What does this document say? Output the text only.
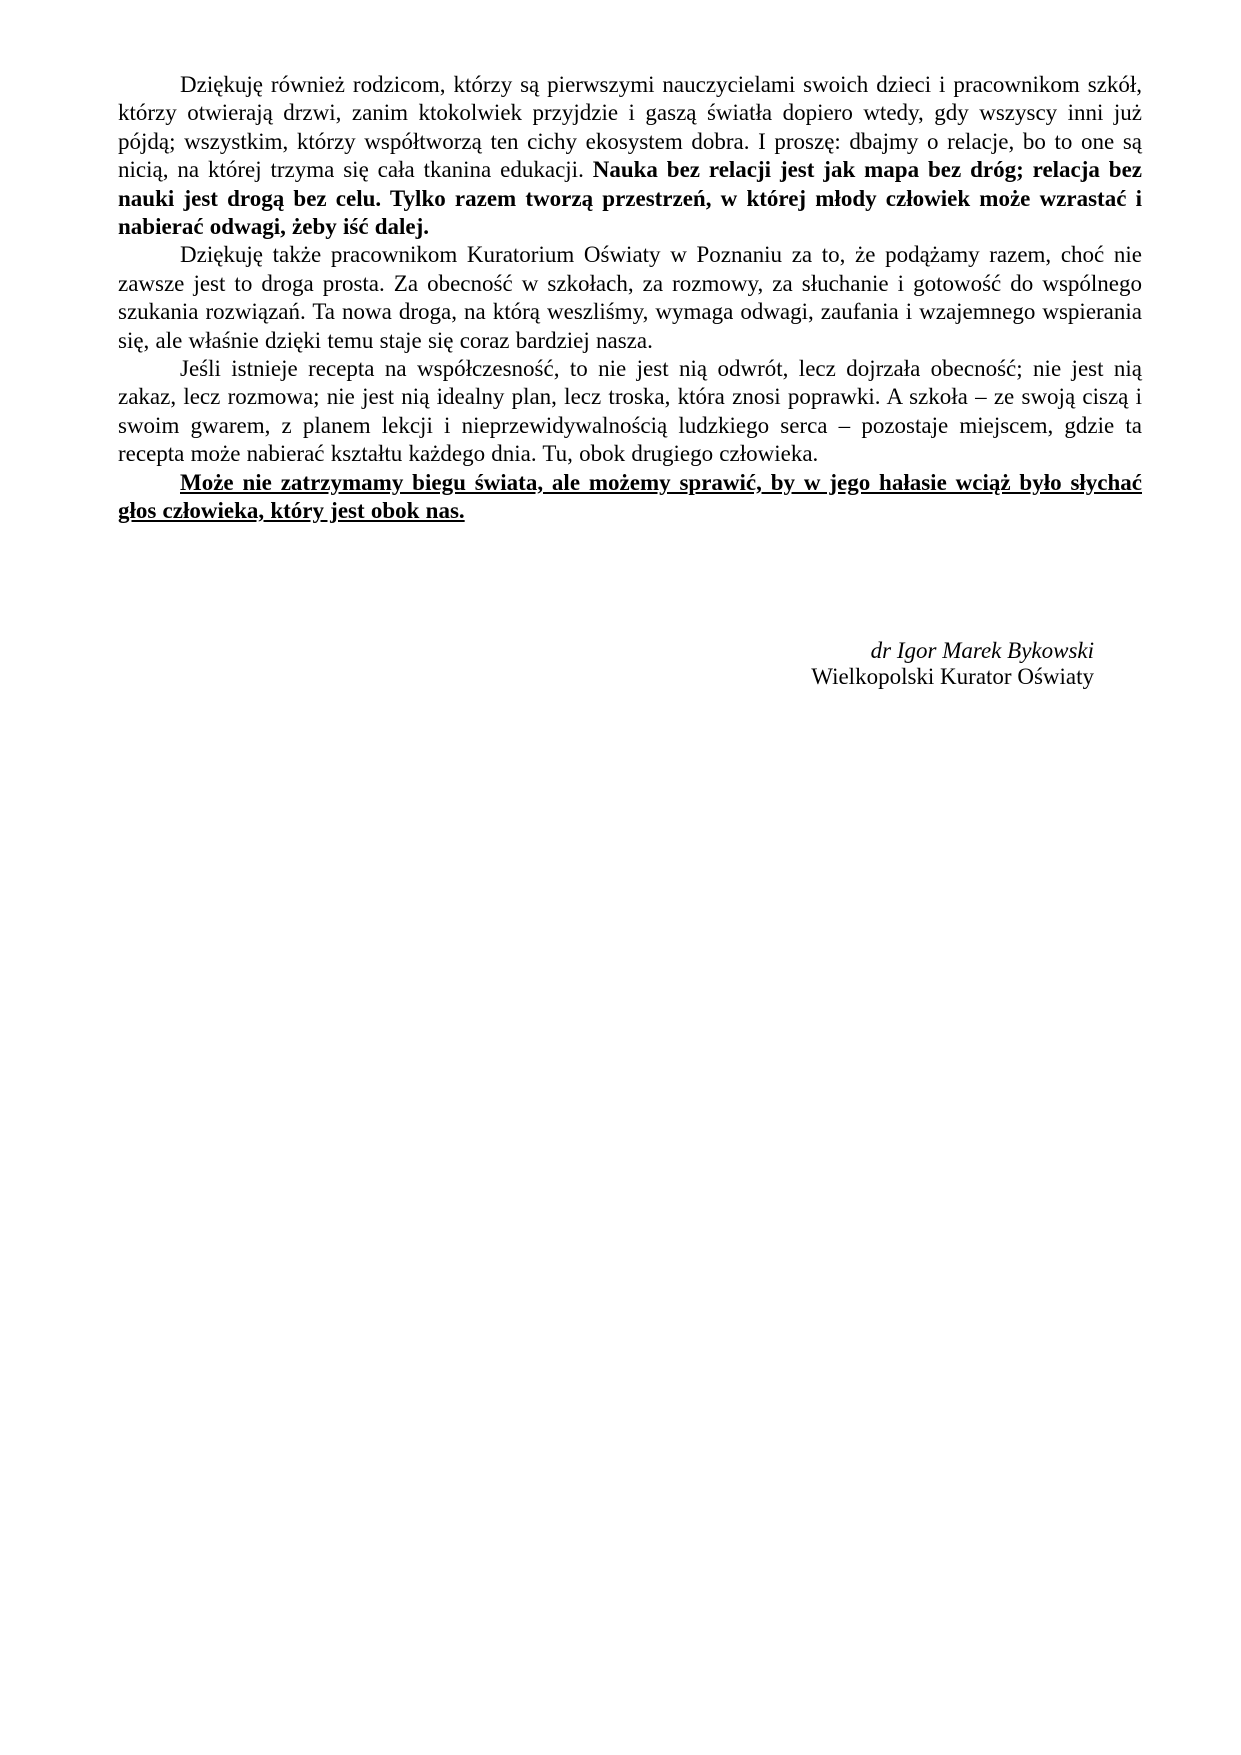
Dziękuję również rodzicom, którzy są pierwszymi nauczycielami swoich dzieci i pracownikom szkół, którzy otwierają drzwi, zanim ktokolwiek przyjdzie i gaszą światła dopiero wtedy, gdy wszyscy inni już pójdą; wszystkim, którzy współtworzą ten cichy ekosystem dobra. I proszę: dbajmy o relacje, bo to one są nicią, na której trzyma się cała tkanina edukacji. Nauka bez relacji jest jak mapa bez dróg; relacja bez nauki jest drogą bez celu. Tylko razem tworzą przestrzeń, w której młody człowiek może wzrastać i nabierać odwagi, żeby iść dalej.

Dziękuję także pracownikom Kuratorium Oświaty w Poznaniu za to, że podążamy razem, choć nie zawsze jest to droga prosta. Za obecność w szkołach, za rozmowy, za słuchanie i gotowość do wspólnego szukania rozwiązań. Ta nowa droga, na którą weszliśmy, wymaga odwagi, zaufania i wzajemnego wspierania się, ale właśnie dzięki temu staje się coraz bardziej nasza.

Jeśli istnieje recepta na współczesność, to nie jest nią odwrót, lecz dojrzała obecność; nie jest nią zakaz, lecz rozmowa; nie jest nią idealny plan, lecz troska, która znosi poprawki. A szkoła – ze swoją ciszą i swoim gwarem, z planem lekcji i nieprzewidywalnością ludzkiego serca – pozostaje miejscem, gdzie ta recepta może nabierać kształtu każdego dnia. Tu, obok drugiego człowieka.

Może nie zatrzymamy biegu świata, ale możemy sprawić, by w jego hałasie wciąż było słychać głos człowieka, który jest obok nas.

dr Igor Marek Bykowski
Wielkopolski Kurator Oświaty
